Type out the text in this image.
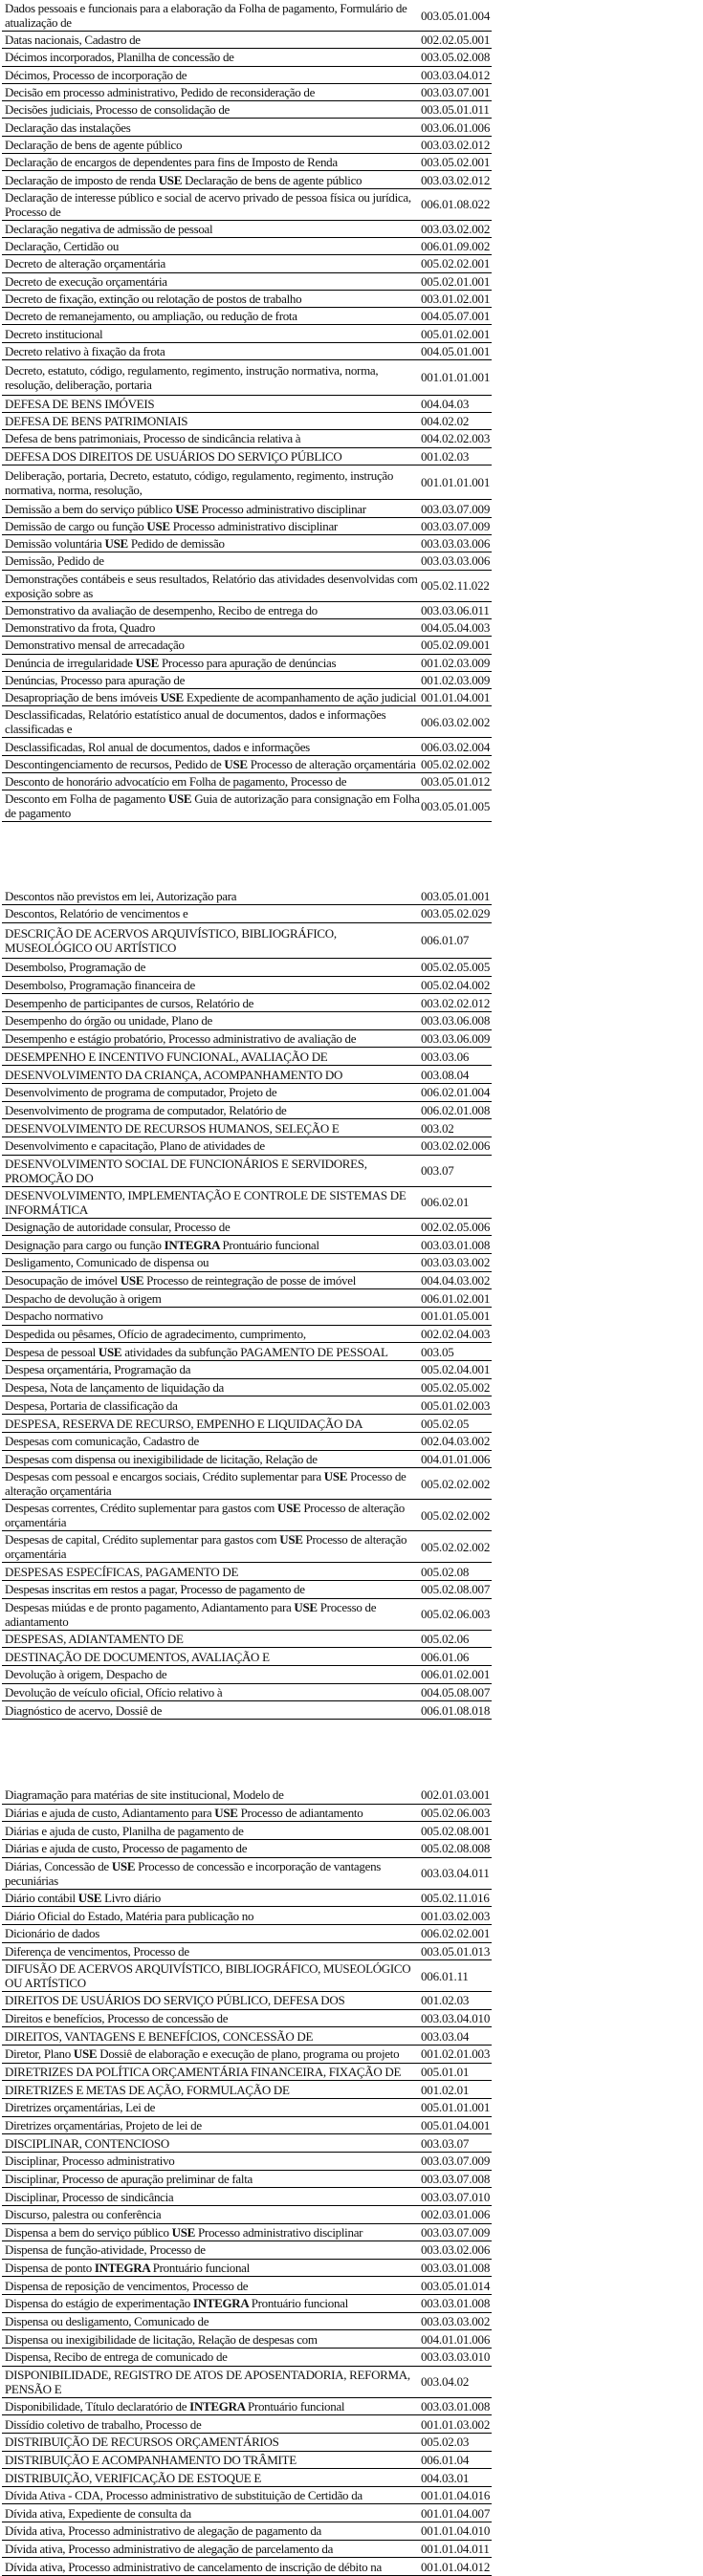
Dados pessoais e funcionais para a elaboração da Folha de pagamento, Formulário de atualização de	003.05.01.004
Datas nacionais, Cadastro de	002.02.05.001
Décimos incorporados, Planilha de concessão de	003.05.02.008
Décimos, Processo de incorporação de	003.03.04.012
Decisão em processo administrativo, Pedido de reconsideração de	003.03.07.001
Decisões judiciais, Processo de consolidação de	003.05.01.011
Declaração das instalações	003.06.01.006
Declaração de bens de agente público	003.03.02.012
Declaração de encargos de dependentes para fins de Imposto de Renda	003.05.02.001
Declaração de imposto de renda USE Declaração de bens de agente público	003.03.02.012
Declaração de interesse público e social de acervo privado de pessoa física ou jurídica, Processo de	006.01.08.022
Declaração negativa de admissão de pessoal	003.03.02.002
Declaração, Certidão ou	006.01.09.002
Decreto de alteração orçamentária	005.02.02.001
Decreto de execução orçamentária	005.02.01.001
Decreto de fixação, extinção ou relotação de postos de trabalho	003.01.02.001
Decreto de remanejamento, ou ampliação, ou redução de frota	004.05.07.001
Decreto institucional	005.01.02.001
Decreto relativo à fixação da frota	004.05.01.001
Decreto, estatuto, código, regulamento, regimento, instrução normativa, norma, resolução, deliberação, portaria	001.01.01.001
DEFESA DE BENS IMÓVEIS	004.04.03
DEFESA DE BENS PATRIMONIAIS	004.02.02
Defesa de bens patrimoniais, Processo de sindicância relativa à	004.02.02.003
DEFESA DOS DIREITOS DE USUÁRIOS DO SERVIÇO PÚBLICO	001.02.03
Deliberação, portaria, Decreto, estatuto, código, regulamento, regimento, instrução normativa, norma, resolução,	001.01.01.001
Demissão a bem do serviço público USE Processo administrativo disciplinar	003.03.07.009
Demissão de cargo ou função USE Processo administrativo disciplinar	003.03.07.009
Demissão voluntária USE Pedido de demissão	003.03.03.006
Demissão, Pedido de	003.03.03.006
Demonstrações contábeis e seus resultados, Relatório das atividades desenvolvidas com exposição sobre as	005.02.11.022
Demonstrativo da avaliação de desempenho, Recibo de entrega do	003.03.06.011
Demonstrativo da frota, Quadro	004.05.04.003
Demonstrativo mensal de arrecadação	005.02.09.001
Denúncia de irregularidade USE Processo para apuração de denúncias	001.02.03.009
Denúncias, Processo para apuração de	001.02.03.009
Desapropriação de bens imóveis USE Expediente de acompanhamento de ação judicial 001.01.04.001
Desclassificadas, Relatório estatístico anual de documentos, dados e informações classificadas e	006.03.02.002
Desclassificadas, Rol anual de documentos, dados e informações	006.03.02.004
Descontingenciamento de recursos, Pedido de USE Processo de alteração orçamentária 005.02.02.002
Desconto de honorário advocatício em Folha de pagamento, Processo de	003.05.01.012
Desconto em Folha de pagamento USE Guia de autorização para consignação em Folha de pagamento	003.05.01.005
Descontos não previstos em lei, Autorização para	003.05.01.001
Descontos, Relatório de vencimentos e	003.05.02.029
DESCRIÇÃO DE ACERVOS ARQUIVÍSTICO, BIBLIOGRÁFICO, MUSEOLÓGICO OU ARTÍSTICO	006.01.07
Desembolso, Programação de	005.02.05.005
Desembolso, Programação financeira de	005.02.04.002
Desempenho de participantes de cursos, Relatório de	003.02.02.012
Desempenho do órgão ou unidade, Plano de	003.03.06.008
Desempenho e estágio probatório, Processo administrativo de avaliação de	003.03.06.009
DESEMPENHO E INCENTIVO FUNCIONAL, AVALIAÇÃO DE	003.03.06
DESENVOLVIMENTO DA CRIANÇA, ACOMPANHAMENTO DO	003.08.04
Desenvolvimento de programa de computador, Projeto de	006.02.01.004
Desenvolvimento de programa de computador, Relatório de	006.02.01.008
DESENVOLVIMENTO DE RECURSOS HUMANOS, SELEÇÃO E	003.02
Desenvolvimento e capacitação, Plano de atividades de	003.02.02.006
DESENVOLVIMENTO SOCIAL DE FUNCIONÁRIOS E SERVIDORES, PROMOÇÃO DO	003.07
DESENVOLVIMENTO, IMPLEMENTAÇÃO E CONTROLE DE SISTEMAS DE INFORMÁTICA	006.02.01
Designação de autoridade consular, Processo de	002.02.05.006
Designação para cargo ou função INTEGRA Prontuário funcional	003.03.01.008
Desligamento, Comunicado de dispensa ou	003.03.03.002
Desocupação de imóvel USE Processo de reintegração de posse de imóvel	004.04.03.002
Despacho de devolução à origem	006.01.02.001
Despacho normativo	001.01.05.001
Despedida ou pêsames, Ofício de agradecimento, cumprimento,	002.02.04.003
Despesa de pessoal USE atividades da subfunção PAGAMENTO DE PESSOAL	003.05
Despesa orçamentária, Programação da	005.02.04.001
Despesa, Nota de lançamento de liquidação da	005.02.05.002
Despesa, Portaria de classificação da	005.01.02.003
DESPESA, RESERVA DE RECURSO, EMPENHO E LIQUIDAÇÃO DA	005.02.05
Despesas com comunicação, Cadastro de	002.04.03.002
Despesas com dispensa ou inexigibilidade de licitação, Relação de	004.01.01.006
Despesas com pessoal e encargos sociais, Crédito suplementar para USE Processo de alteração orçamentária	005.02.02.002
Despesas correntes, Crédito suplementar para gastos com USE Processo de alteração orçamentária	005.02.02.002
Despesas de capital, Crédito suplementar para gastos com USE Processo de alteração orçamentária	005.02.02.002
DESPESAS ESPECÍFICAS, PAGAMENTO DE	005.02.08
Despesas inscritas em restos a pagar, Processo de pagamento de	005.02.08.007
Despesas miúdas e de pronto pagamento, Adiantamento para USE Processo de adiantamento	005.02.06.003
DESPESAS, ADIANTAMENTO DE	005.02.06
DESTINAÇÃO DE DOCUMENTOS, AVALIAÇÃO E	006.01.06
Devolução à origem, Despacho de	006.01.02.001
Devolução de veículo oficial, Ofício relativo à	004.05.08.007
Diagnóstico de acervo, Dossiê de	006.01.08.018
Diagramação para matérias de site institucional, Modelo de	002.01.03.001
Diárias e ajuda de custo, Adiantamento para USE Processo de adiantamento	005.02.06.003
Diárias e ajuda de custo, Planilha de pagamento de	005.02.08.001
Diárias e ajuda de custo, Processo de pagamento de	005.02.08.008
Diárias, Concessão de USE Processo de concessão e incorporação de vantagens pecuniárias	003.03.04.011
Diário contábil USE Livro diário	005.02.11.016
Diário Oficial do Estado, Matéria para publicação no	001.03.02.003
Dicionário de dados	006.02.02.001
Diferença de vencimentos, Processo de	003.05.01.013
DIFUSÃO DE ACERVOS ARQUIVÍSTICO, BIBLIOGRÁFICO, MUSEOLÓGICO OU ARTÍSTICO	006.01.11
DIREITOS DE USUÁRIOS DO SERVIÇO PÚBLICO, DEFESA DOS	001.02.03
Direitos e benefícios, Processo de concessão de	003.03.04.010
DIREITOS, VANTAGENS E BENEFÍCIOS, CONCESSÃO DE	003.03.04
Diretor, Plano USE Dossiê de elaboração e execução de plano, programa ou projeto	001.02.01.003
DIRETRIZES DA POLÍTICA ORÇAMENTÁRIA FINANCEIRA, FIXAÇÃO DE	005.01.01
DIRETRIZES E METAS DE AÇÃO, FORMULAÇÃO DE	001.02.01
Diretrizes orçamentárias, Lei de	005.01.01.001
Diretrizes orçamentárias, Projeto de lei de	005.01.04.001
DISCIPLINAR, CONTENCIOSO	003.03.07
Disciplinar, Processo administrativo	003.03.07.009
Disciplinar, Processo de apuração preliminar de falta	003.03.07.008
Disciplinar, Processo de sindicância	003.03.07.010
Discurso, palestra ou conferência	002.03.01.006
Dispensa a bem do serviço público USE Processo administrativo disciplinar	003.03.07.009
Dispensa de função-atividade, Processo de	003.03.02.006
Dispensa de ponto INTEGRA Prontuário funcional	003.03.01.008
Dispensa de reposição de vencimentos, Processo de	003.05.01.014
Dispensa do estágio de experimentação INTEGRA Prontuário funcional	003.03.01.008
Dispensa ou desligamento, Comunicado de	003.03.03.002
Dispensa ou inexigibilidade de licitação, Relação de despesas com	004.01.01.006
Dispensa, Recibo de entrega de comunicado de	003.03.03.010
DISPONIBILIDADE, REGISTRO DE ATOS DE APOSENTADORIA, REFORMA, PENSÃO E	003.04.02
Disponibilidade, Título declaratório de INTEGRA Prontuário funcional	003.03.01.008
Dissídio coletivo de trabalho, Processo de	001.01.03.002
DISTRIBUIÇÃO DE RECURSOS ORÇAMENTÁRIOS	005.02.03
DISTRIBUIÇÃO E ACOMPANHAMENTO DO TRÂMITE	006.01.04
DISTRIBUIÇÃO, VERIFICAÇÃO DE ESTOQUE E	004.03.01
Dívida Ativa - CDA, Processo administrativo de substituição de Certidão da	001.01.04.016
Dívida ativa, Expediente de consulta da	001.01.04.007
Dívida ativa, Processo administrativo de alegação de pagamento da	001.01.04.010
Dívida ativa, Processo administrativo de alegação de parcelamento da	001.01.04.011
Dívida ativa, Processo administrativo de cancelamento de inscrição de débito na	001.01.04.012
